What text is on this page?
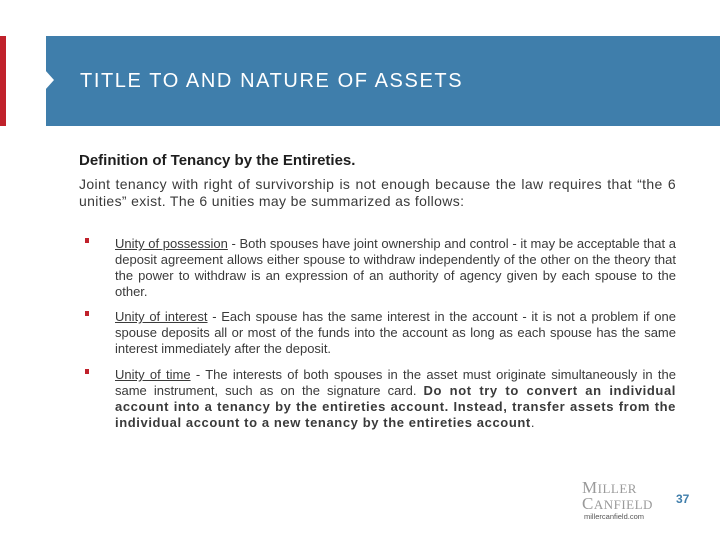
TITLE TO AND NATURE OF ASSETS
Definition of Tenancy by the Entireties.
Joint tenancy with right of survivorship is not enough because the law requires that “the 6 unities” exist. The 6 unities may be summarized as follows:
Unity of possession - Both spouses have joint ownership and control - it may be acceptable that a deposit agreement allows either spouse to withdraw independently of the other on the theory that the power to withdraw is an expression of an authority of agency given by each spouse to the other.
Unity of interest - Each spouse has the same interest in the account - it is not a problem if one spouse deposits all or most of the funds into the account as long as each spouse has the same interest immediately after the deposit.
Unity of time - The interests of both spouses in the asset must originate simultaneously in the same instrument, such as on the signature card. Do not try to convert an individual account into a tenancy by the entireties account. Instead, transfer assets from the individual account to a new tenancy by the entireties account.
MILLER
CANFIELD
millercanfield.com
37
